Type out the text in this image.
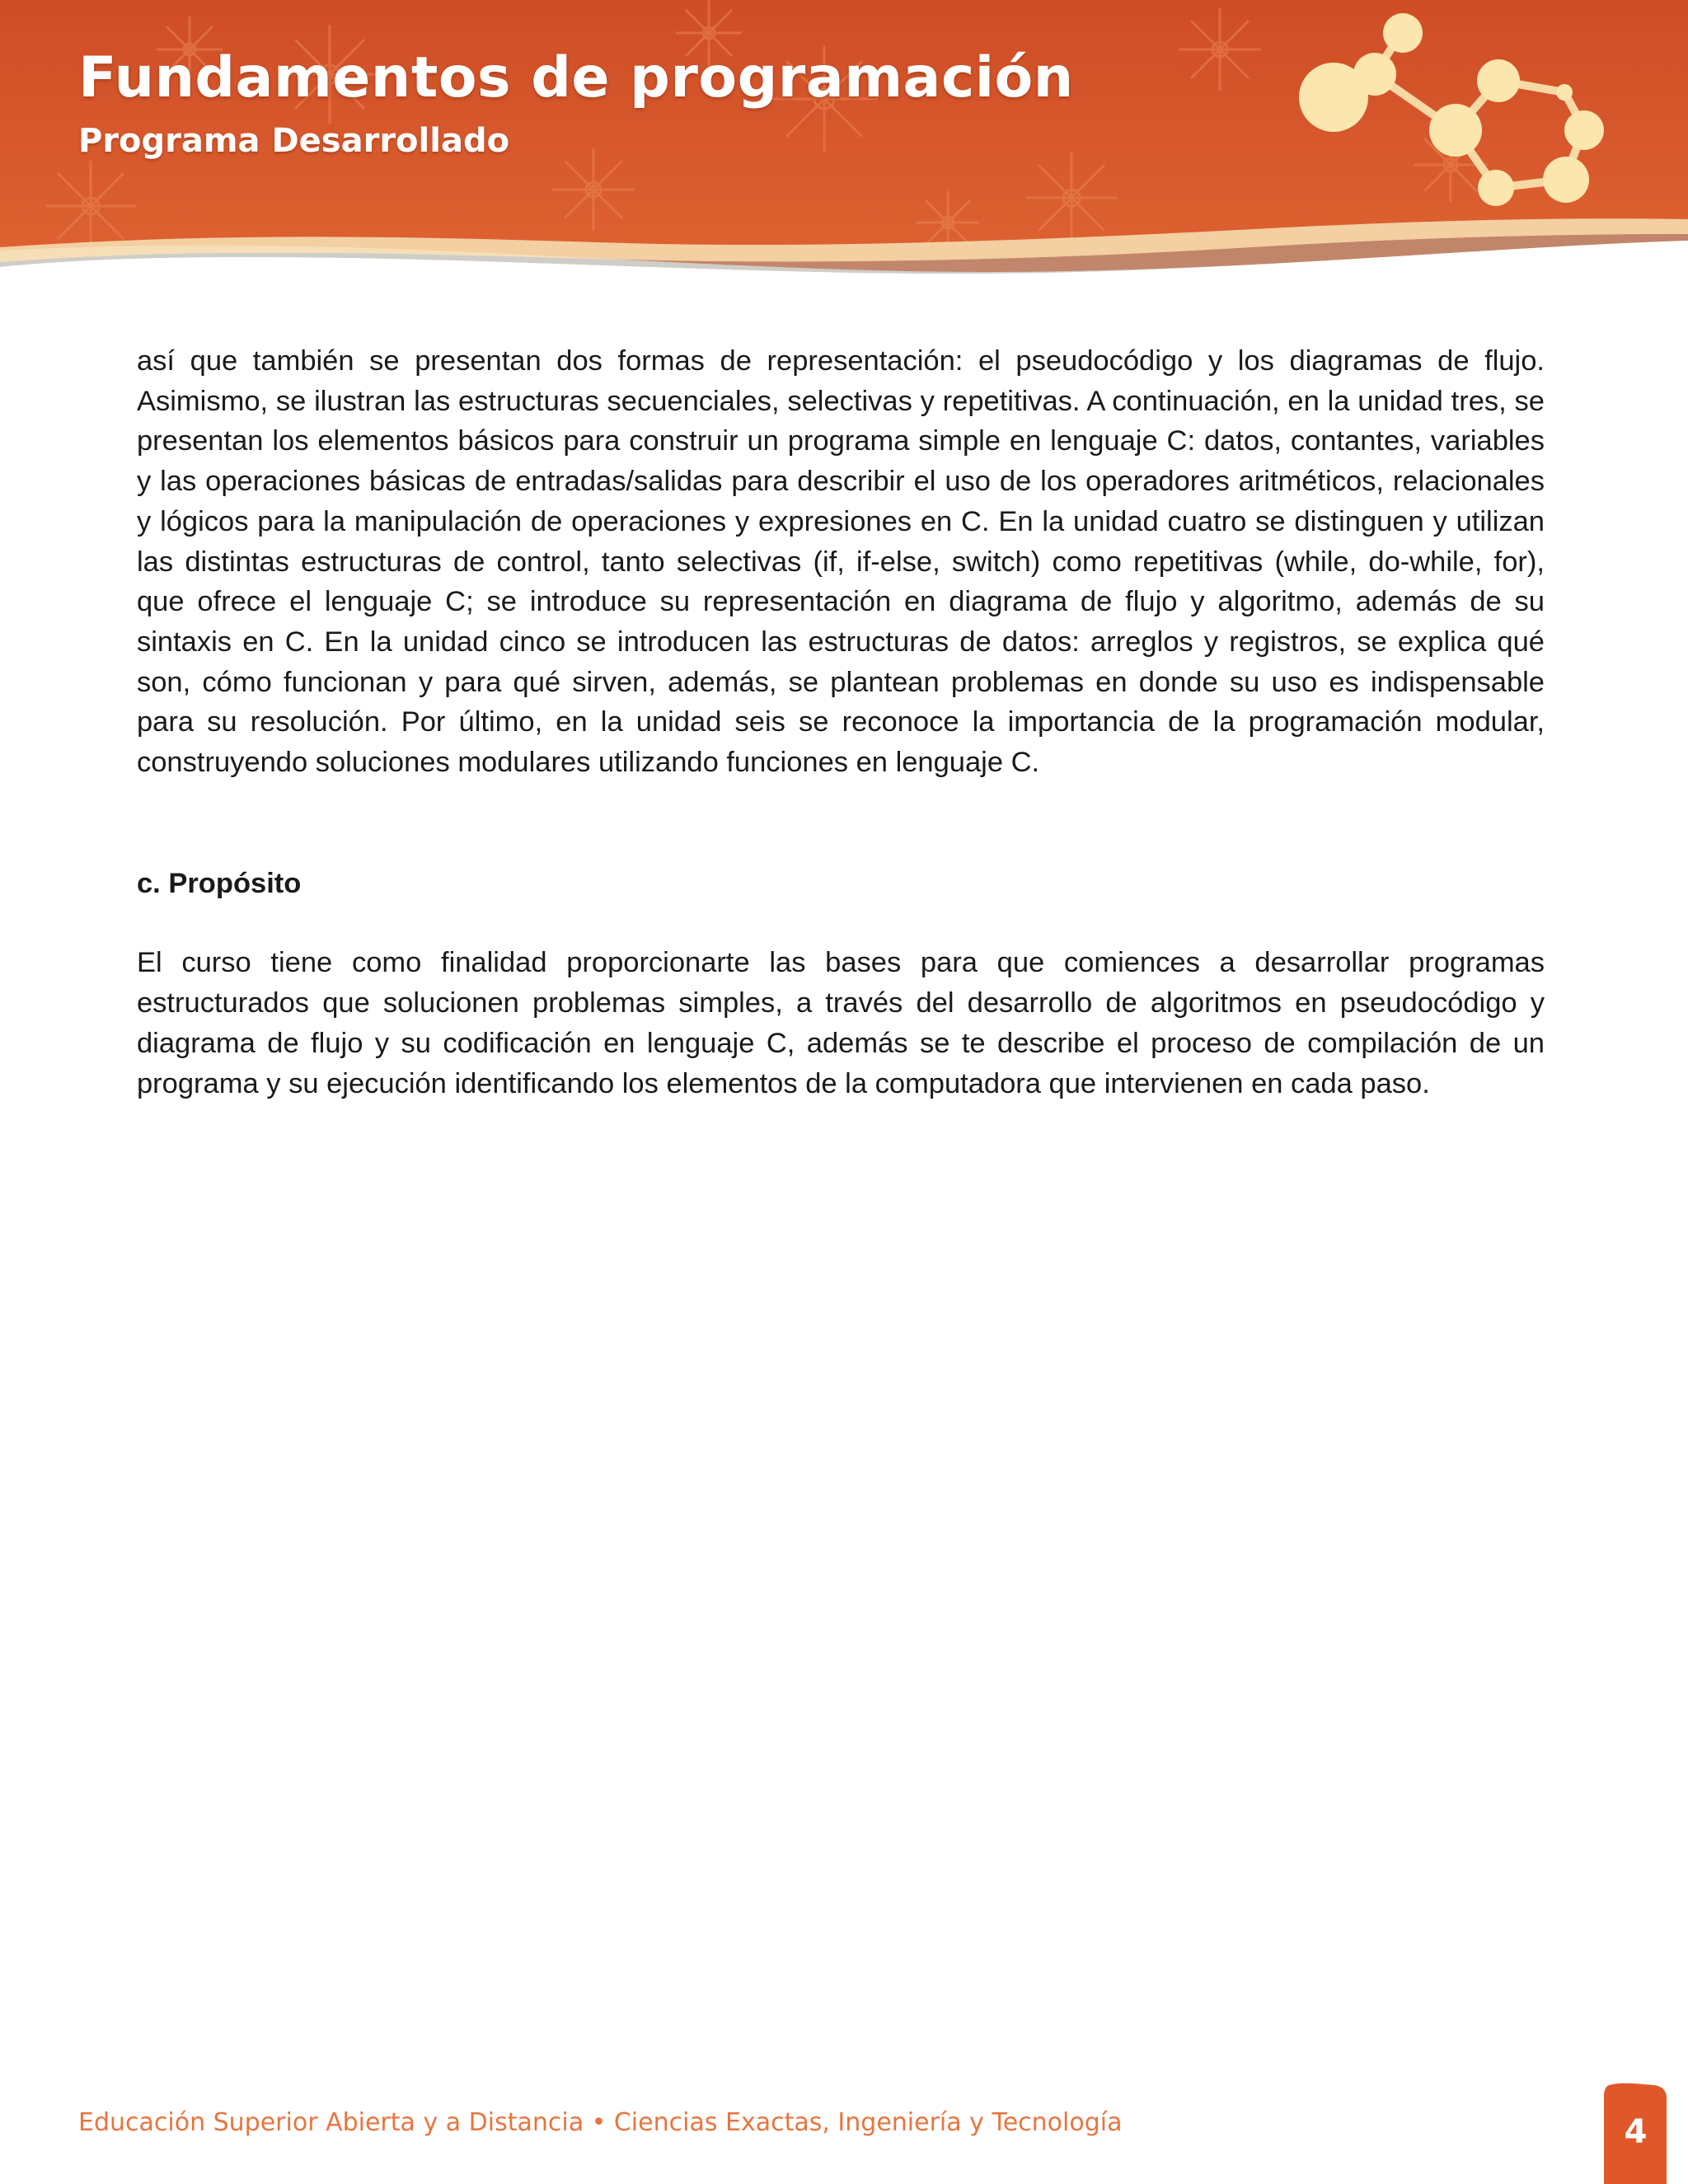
Fundamentos de programación
Programa Desarrollado

así que también se presentan dos formas de representación: el pseudocódigo y los diagramas de flujo. Asimismo, se ilustran las estructuras secuenciales, selectivas y repetitivas. A continuación, en la unidad tres, se presentan los elementos básicos para construir un programa simple en lenguaje C: datos, contantes, variables y las operaciones básicas de entradas/salidas para describir el uso de los operadores aritméticos, relacionales y lógicos para la manipulación de operaciones y expresiones en C. En la unidad cuatro se distinguen y utilizan las distintas estructuras de control, tanto selectivas (if, if-else, switch) como repetitivas (while, do-while, for), que ofrece el lenguaje C; se introduce su representación en diagrama de flujo y algoritmo, además de su sintaxis en C. En la unidad cinco se introducen las estructuras de datos: arreglos y registros, se explica qué son, cómo funcionan y para qué sirven, además, se plantean problemas en donde su uso es indispensable para su resolución. Por último, en la unidad seis se reconoce la importancia de la programación modular, construyendo soluciones modulares utilizando funciones en lenguaje C.

c. Propósito

El curso tiene como finalidad proporcionarte las bases para que comiences a desarrollar programas estructurados que solucionen problemas simples, a través del desarrollo de algoritmos en pseudocódigo y diagrama de flujo y su codificación en lenguaje C, además se te describe el proceso de compilación de un programa y su ejecución identificando los elementos de la computadora que intervienen en cada paso.

Educación Superior Abierta y a Distancia • Ciencias Exactas, Ingeniería y Tecnología	4
